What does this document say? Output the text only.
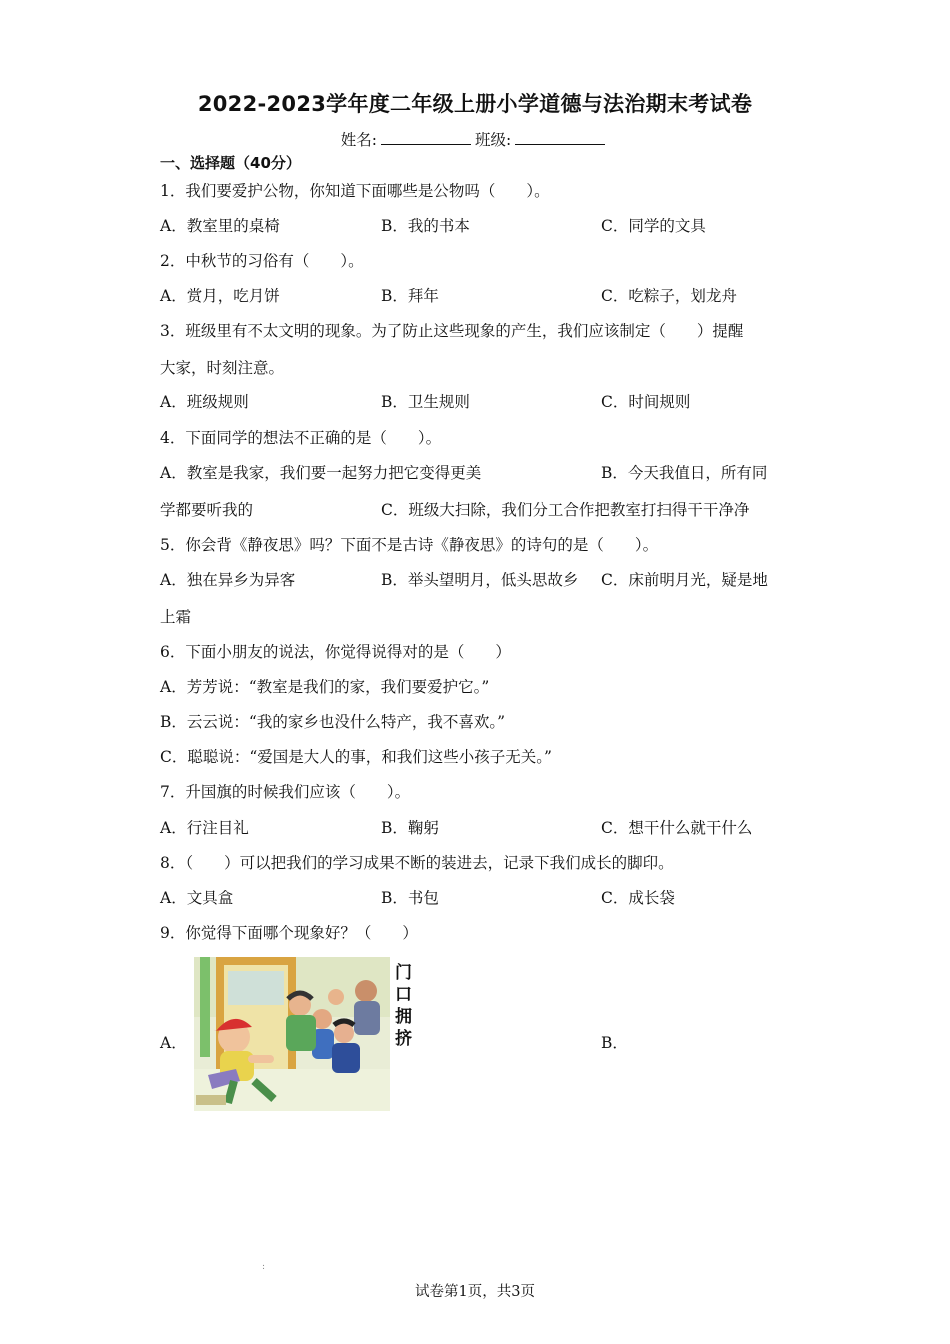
2022-2023学年度二年级上册小学道德与法治期末考试卷
姓名:	班级:
一、选择题（40分）
1．我们要爱护公物，你知道下面哪些是公物吗（　　）。
A．教室里的桌椅	B．我的书本	C．同学的文具
2．中秋节的习俗有（　　）。
A．赏月，吃月饼	B．拜年	C．吃粽子，划龙舟
3．班级里有不太文明的现象。为了防止这些现象的产生，我们应该制定（　　）提醒
大家，时刻注意。
A．班级规则	B．卫生规则	C．时间规则
4．下面同学的想法不正确的是（　　）。
A．教室是我家，我们要一起努力把它变得更美	B．今天我值日，所有同
学都要听我的	C．班级大扫除，我们分工合作把教室打扫得干干净净
5．你会背《静夜思》吗？下面不是古诗《静夜思》的诗句的是（　　）。
A．独在异乡为异客	B．举头望明月，低头思故乡 C．床前明月光，疑是地
上霜
6．下面小朋友的说法，你觉得说得对的是（　　）
A．芳芳说：“教室是我们的家，我们要爱护它。”
B．云云说：“我的家乡也没什么特产，我不喜欢。”
C．聪聪说：“爱国是大人的事，和我们这些小孩子无关。”
7．升国旗的时候我们应该（　　）。
A．行注目礼	B．鞠躬	C．想干什么就干什么
8．（　　）可以把我们的学习成果不断的装进去，记录下我们成长的脚印。
A．文具盒	B．书包	C．成长袋
9．你觉得下面哪个现象好？（　　）
A．	B．
门口拥挤
:
试卷第1页，共3页
